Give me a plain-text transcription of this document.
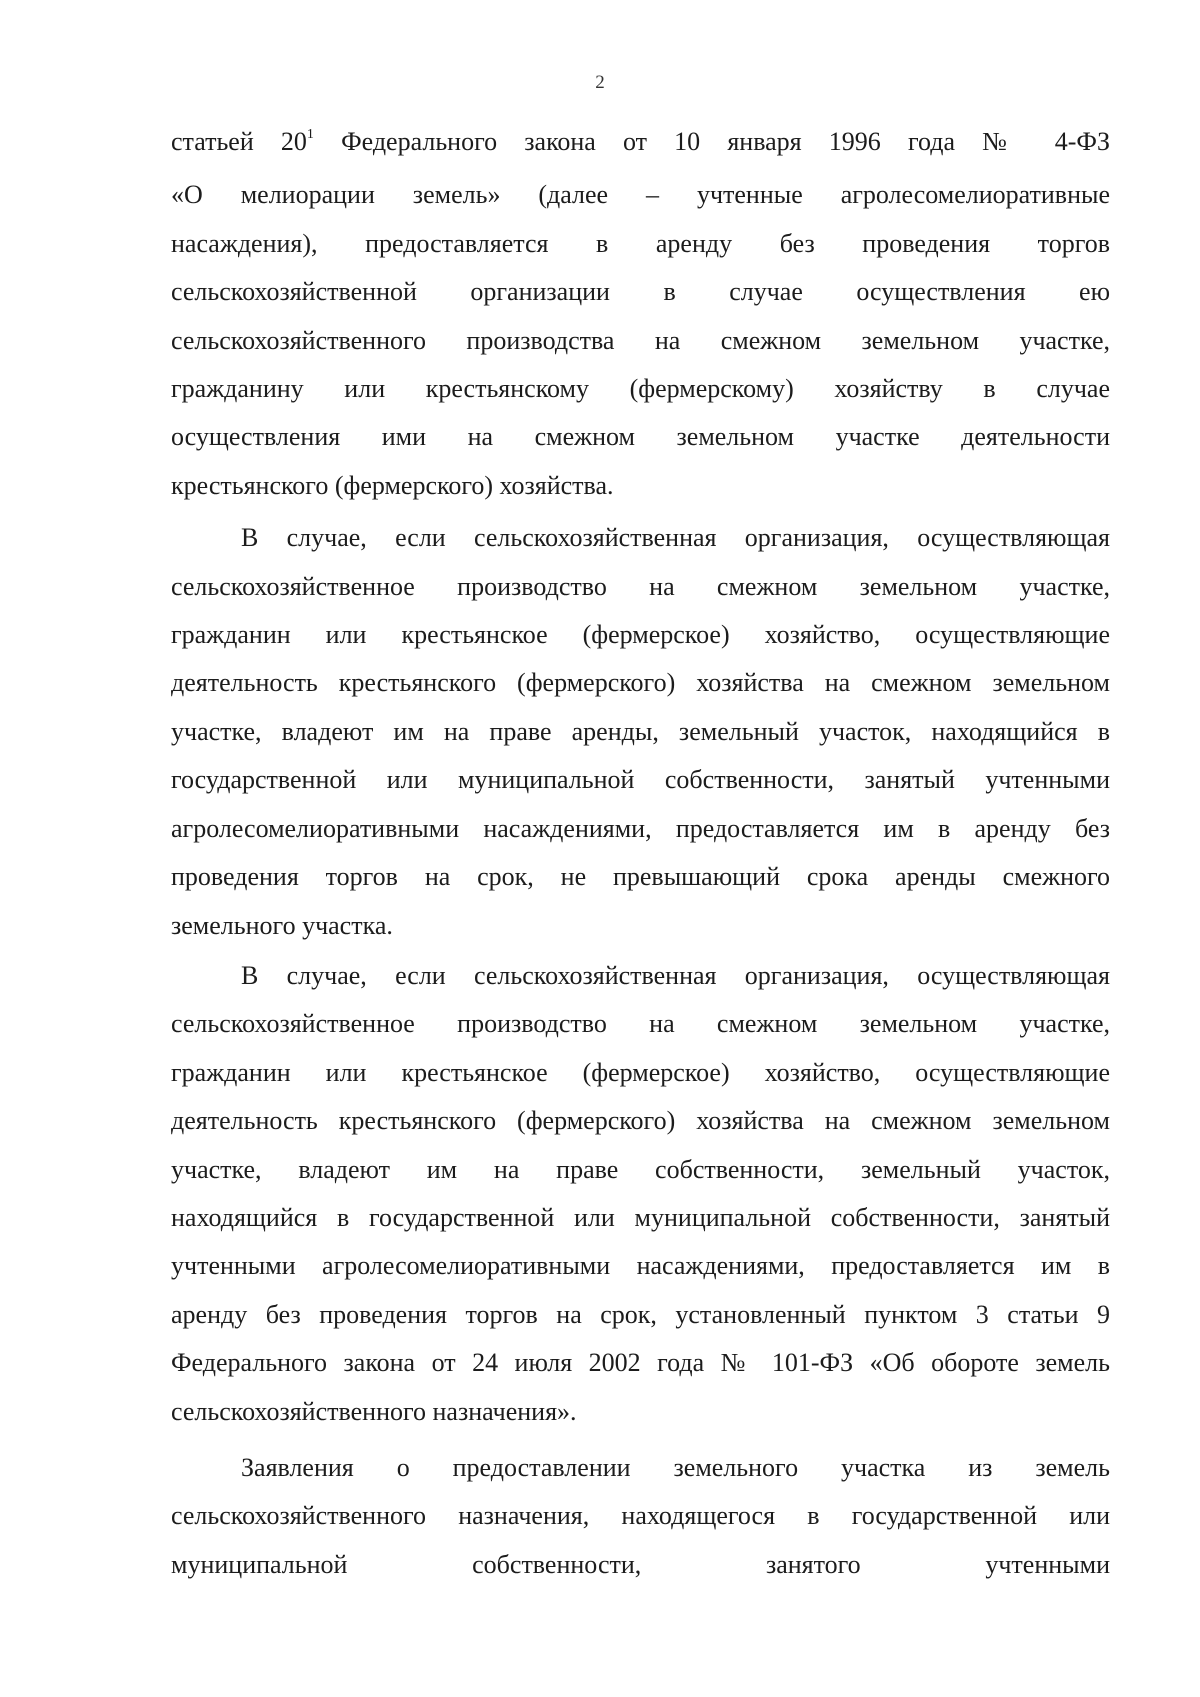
2
статьей $20^1$ Федерального закона от 10 января 1996 года № 4-ФЗ
«О мелиорации земель» (далее – учтенные агролесомелиоративные
насаждения), предоставляется в аренду без проведения торгов
сельскохозяйственной организации в случае осуществления ею
сельскохозяйственного производства на смежном земельном участке,
гражданину или крестьянскому (фермерскому) хозяйству в случае
осуществления ими на смежном земельном участке деятельности
крестьянского (фермерского) хозяйства.
В случае, если сельскохозяйственная организация, осуществляющая
сельскохозяйственное производство на смежном земельном участке,
гражданин или крестьянское (фермерское) хозяйство, осуществляющие
деятельность крестьянского (фермерского) хозяйства на смежном земельном
участке, владеют им на праве аренды, земельный участок, находящийся в
государственной или муниципальной собственности, занятый учтенными
агролесомелиоративными насаждениями, предоставляется им в аренду без
проведения торгов на срок, не превышающий срока аренды смежного
земельного участка.
В случае, если сельскохозяйственная организация, осуществляющая
сельскохозяйственное производство на смежном земельном участке,
гражданин или крестьянское (фермерское) хозяйство, осуществляющие
деятельность крестьянского (фермерского) хозяйства на смежном земельном
участке, владеют им на праве собственности, земельный участок,
находящийся в государственной или муниципальной собственности, занятый
учтенными агролесомелиоративными насаждениями, предоставляется им в
аренду без проведения торгов на срок, установленный пунктом 3 статьи 9
Федерального закона от 24 июля 2002 года № 101-ФЗ «Об обороте земель
сельскохозяйственного назначения».
Заявления о предоставлении земельного участка из земель
сельскохозяйственного назначения, находящегося в государственной или
муниципальной собственности, занятого учтенными
